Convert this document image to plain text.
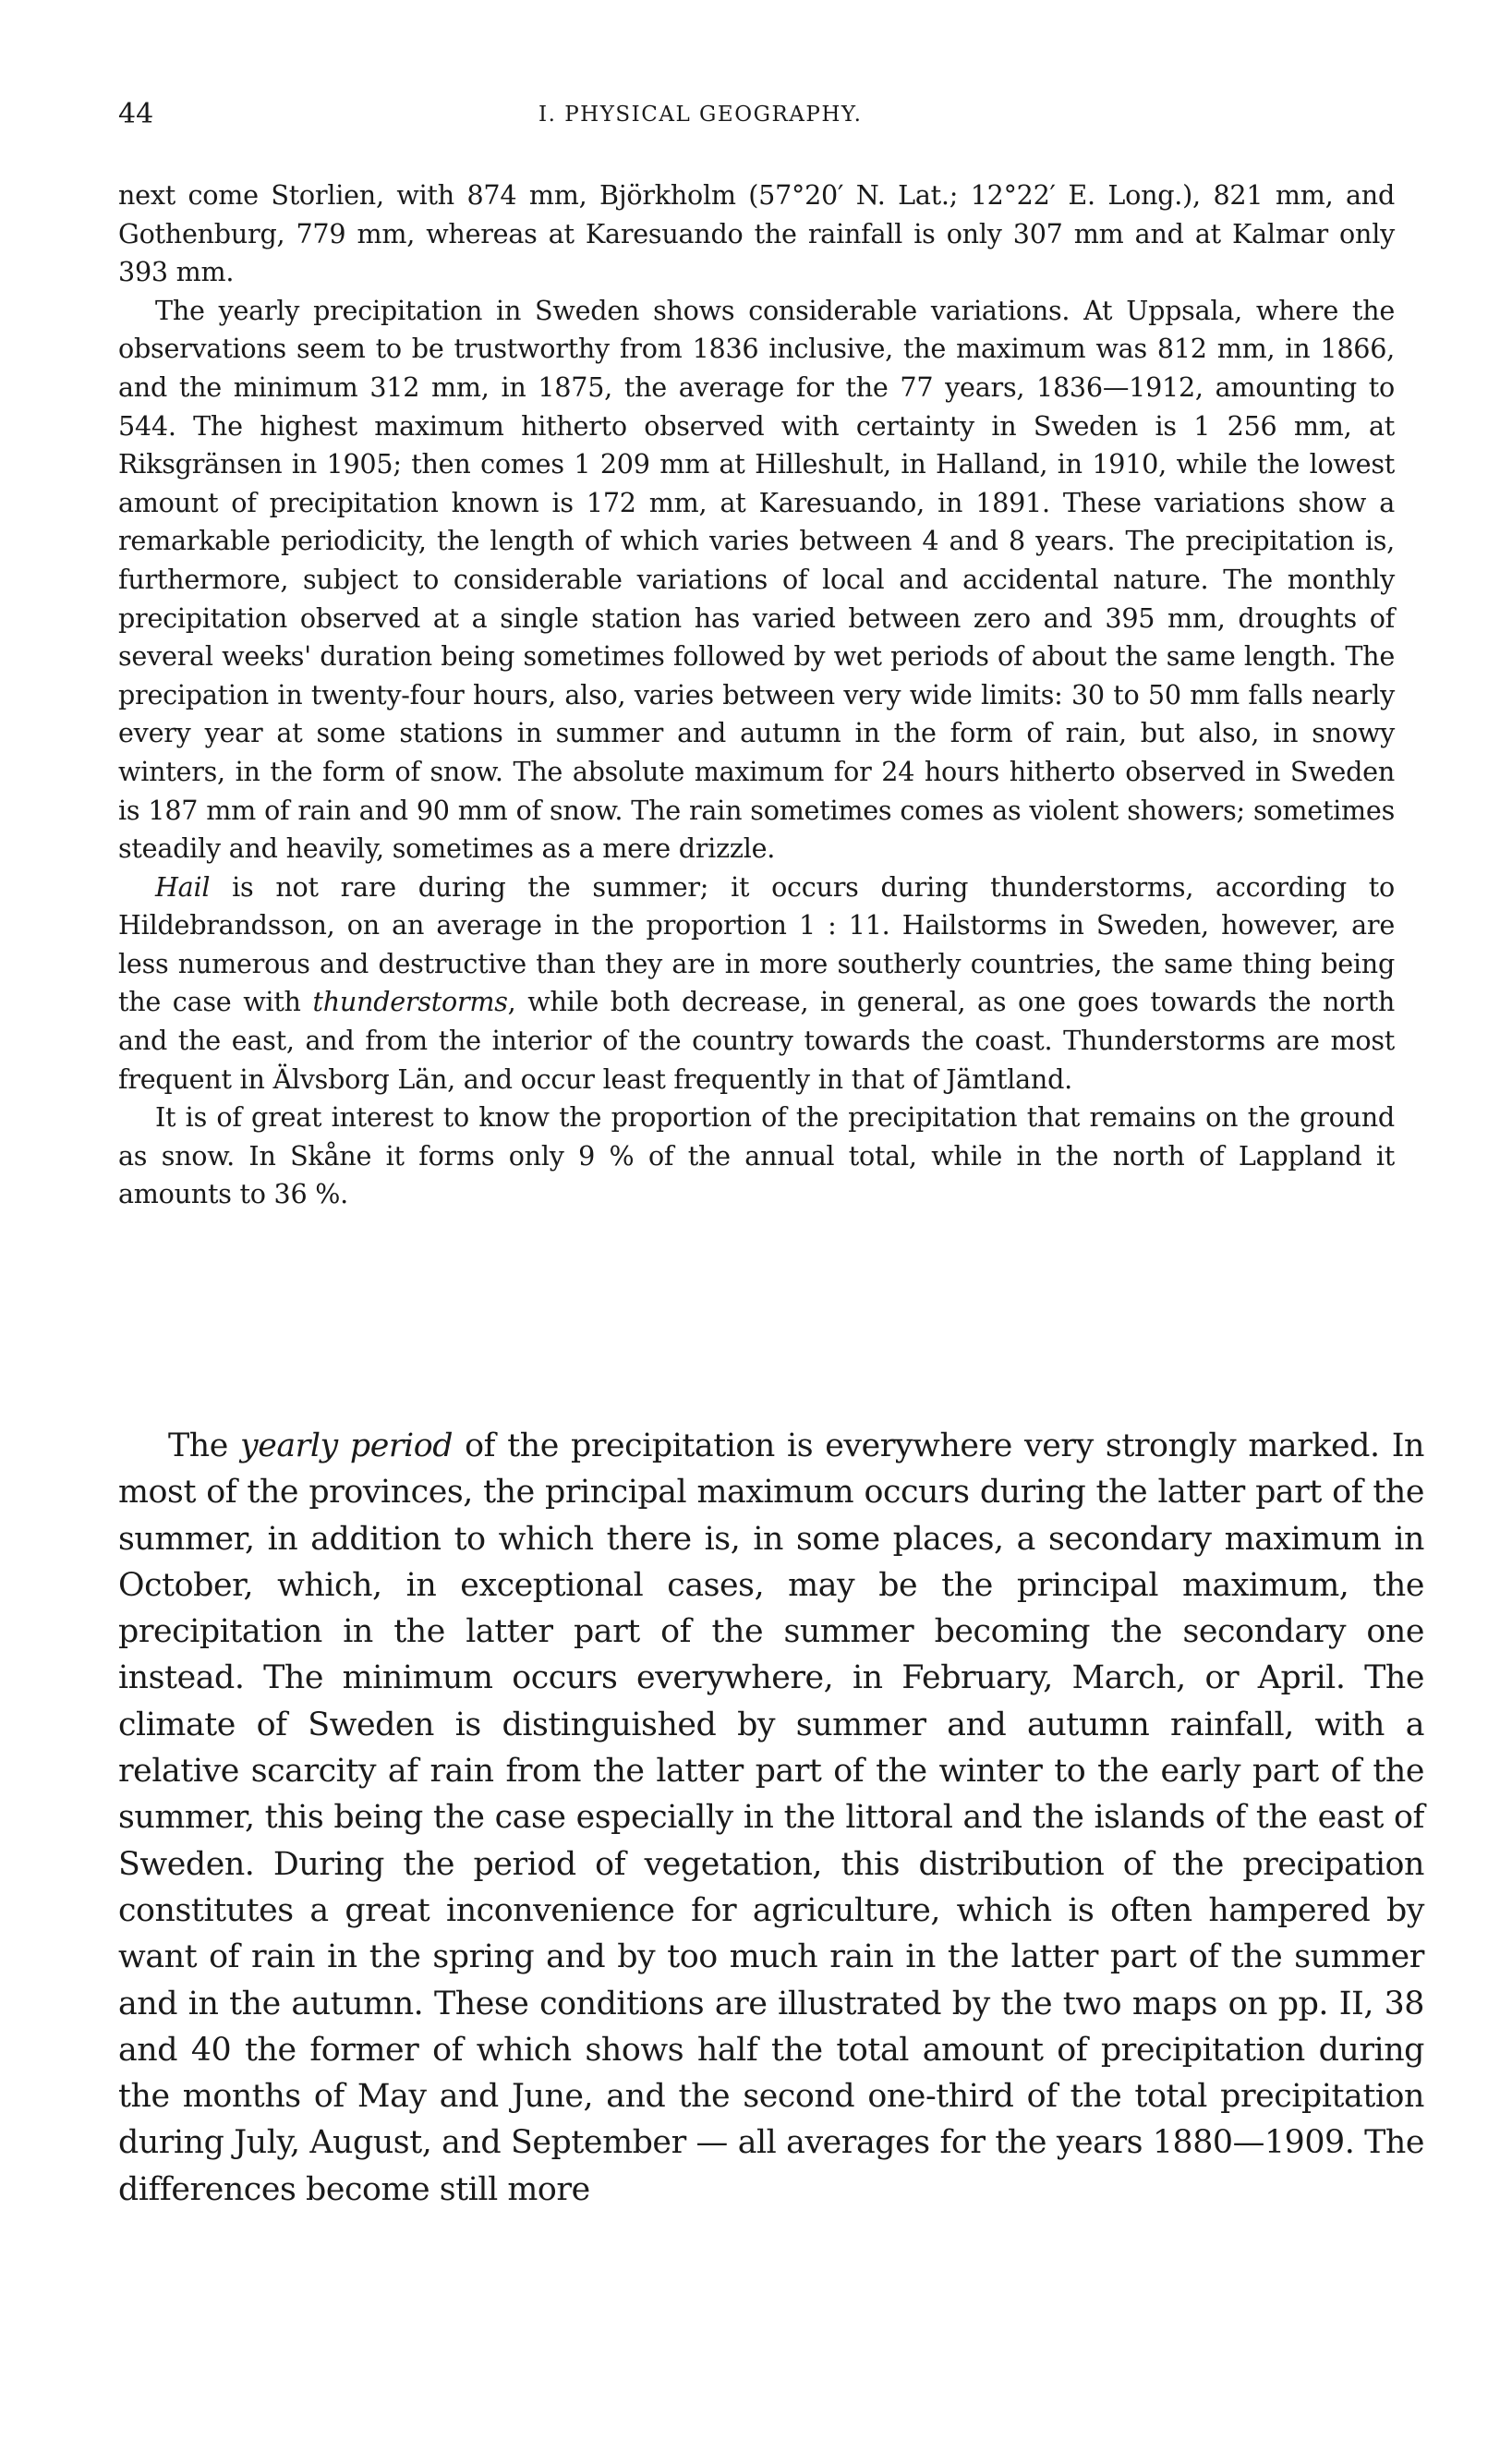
44	I. PHYSICAL GEOGRAPHY.

next come Storlien, with 874 mm, Björkholm (57°20′ N. Lat.; 12°22′ E. Long.), 821 mm, and Gothenburg, 779 mm, whereas at Karesuando the rainfall is only 307 mm and at Kalmar only 393 mm.

The yearly precipitation in Sweden shows considerable variations. At Uppsala, where the observations seem to be trustworthy from 1836 inclusive, the maximum was 812 mm, in 1866, and the minimum 312 mm, in 1875, the average for the 77 years, 1836—1912, amounting to 544. The highest maximum hitherto observed with certainty in Sweden is 1 256 mm, at Riksgränsen in 1905; then comes 1 209 mm at Hilleshult, in Halland, in 1910, while the lowest amount of precipitation known is 172 mm, at Karesuando, in 1891. These variations show a remarkable periodicity, the length of which varies between 4 and 8 years. The precipitation is, furthermore, subject to considerable variations of local and accidental nature. The monthly precipitation observed at a single station has varied between zero and 395 mm, droughts of several weeks' duration being sometimes followed by wet periods of about the same length. The precipation in twenty-four hours, also, varies between very wide limits: 30 to 50 mm falls nearly every year at some stations in summer and autumn in the form of rain, but also, in snowy winters, in the form of snow. The absolute maximum for 24 hours hitherto observed in Sweden is 187 mm of rain and 90 mm of snow. The rain sometimes comes as violent showers; sometimes steadily and heavily, sometimes as a mere drizzle.

Hail is not rare during the summer; it occurs during thunderstorms, according to Hildebrandsson, on an average in the proportion 1 : 11. Hailstorms in Sweden, however, are less numerous and destructive than they are in more southerly countries, the same thing being the case with thunderstorms, while both decrease, in general, as one goes towards the north and the east, and from the interior of the country towards the coast. Thunderstorms are most frequent in Älvsborg Län, and occur least frequently in that of Jämtland.

It is of great interest to know the proportion of the precipitation that remains on the ground as snow. In Skåne it forms only 9 % of the annual total, while in the north of Lappland it amounts to 36 %.

The yearly period of the precipitation is everywhere very strongly marked. In most of the provinces, the principal maximum occurs during the latter part of the summer, in addition to which there is, in some places, a secondary maximum in October, which, in exceptional cases, may be the principal maximum, the precipitation in the latter part of the summer becoming the secondary one instead. The minimum occurs everywhere, in February, March, or April. The climate of Sweden is distinguished by summer and autumn rainfall, with a relative scarcity af rain from the latter part of the winter to the early part of the summer, this being the case especially in the littoral and the islands of the east of Sweden. During the period of vegetation, this distribution of the precipation constitutes a great inconvenience for agriculture, which is often hampered by want of rain in the spring and by too much rain in the latter part of the summer and in the autumn. These conditions are illustrated by the two maps on pp. II, 38 and 40 the former of which shows half the total amount of precipitation during the months of May and June, and the second one-third of the total precipitation during July, August, and September — all averages for the years 1880—1909. The differences become still more
